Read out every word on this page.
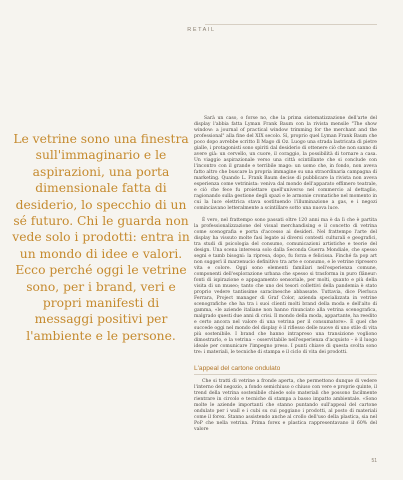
RETAIL
Le vetrine sono una finestra sull'immaginario e le aspirazioni, una porta dimensionale fatta di desiderio, lo specchio di un sé futuro. Chi le guarda non vede solo i prodotti: entra in un mondo di idee e valori. Ecco perché oggi le vetrine sono, per i brand, veri e propri manifesti di messaggi positivi per l'ambiente e le persone.

Sarà un caso, o forse no, che la prima sistematizzazione dell'arte del display l'abbia fatta Lyman Frank Baum con la rivista mensile "The show window: a journal of practical window trimming for the merchant and the professional" alla fine del XIX secolo. Sì, proprio quel Lyman Frank Baum che poco dopo avrebbe scritto Il Mago di Oz. Luogo una strada lastricata di pietre gialle, i protagonisti sono spiriti dal desiderio di ottenere ciò che non sanno di avere già: un cervello, un cuore, il coraggio, la possibilità di tornare a casa. Un viaggio aspirazionale verso una città scintillante che si conclude con l'incontro con il grande e terribile mago: un uomo che, in fondo, non aveva fatto altro che buscare la propria immagine su una straordinaria campagna di marketing. Quando L. Frank Baum decise di pubblicare la rivista non aveva esperienza come vetrinista: veniva dal mondo dell'apparato effimero teatrale, e ciò che fece fu proiettare quell'universo nel commercio al dettaglio, ragionando sulla gestione degli spazi e le armonie cromatiche nel momento in cui la luce elettrica stava sostituendo l'illuminazione a gas, e i negozi cominciavano letteralmente a scintillare sotto una nuova luce.

È vero, nel frattempo sono passati oltre 120 anni ma è da lì che è partita la professionalizzazione del visual merchandising e il concetto di vetrina come scenografia e porta d'accesso ai desideri. Nel frattempo l'arte del display ha vissuto molte fasi legate ai diversi contesti culturali e geografici, tra studi di psicologia del consumo, comunicazioni artistiche e teorie del design. Una scena interessa solo dalla Seconda Guerra Mondiale, che spesso segni e tamb bisogni: la ripresa, dopo, fu forza e felicissa. Finché fa pop art non suggerì il marzenucio definitivo tra arte e consumo, e le vetrine ripresero vita e colore. Oggi sono elementi familiari nell'esperienza comune, componenti dell'esplorazione urbana che spesso si trasforma in puro flâneur: fonti di ispirazione e appagamento sensoriale, per molti, quanto e più della visita di un museo; tanto che uno dei tesori collettivi della pandemia è stato proprio vedere tantissime saracinesche abbassate. Tuttavia, dice Pierluca Ferrara, Project manager di Graf Color, azienda specializzata in vetrine scenografiche che ha tra i suoi clienti molti brand della moda e dell'alto di gamma, «le aziende italiane non hanno rinunciato alla vetrina scenografica, malgrado questi due anni di crisi. Il mondo della moda, appartante, ha reedito e certo ancora nel valore di una vetrina per il consumatore». È quel che succede oggi nel mondo del display è il riflesso delle nuove di uno stile di vita più sostenibile. I brand che hanno intrapreso una transizione vogliono dimostrarlo, e la vetrina – osservitabile nell'esperienza d'acquisto – è il luogo ideale per comunicare l'impegno preso. I punti chiave di questa svolta sono tre: i materiali, le tecniche di stampa e il ciclo di vita dei prodotti.

L'appeal del cartone ondulato

Che si tratti di vetrine a fronde aperta, che permettono dunque di vedere l'interno del negozio, a fondo semichiuso o chiuso con vere e proprie quinte, il trend della vetrina sostenibile chiede solo materiali che possono facilmente rientrare in circolo e tecniche di stampa a basso impatto ambientale. «Sono molte le aziende importanti che stanno puntando sull'appeal del cartone ondulato per i wall e i cubi su cui poggiano i prodotti, al posto di materiali come il forex. Stanno assistendo anche al crollo dell'uso della plastica, sia nel PoP che nella vetrina. Prima forex e plastica rappresentavano il 60% del valore

51
